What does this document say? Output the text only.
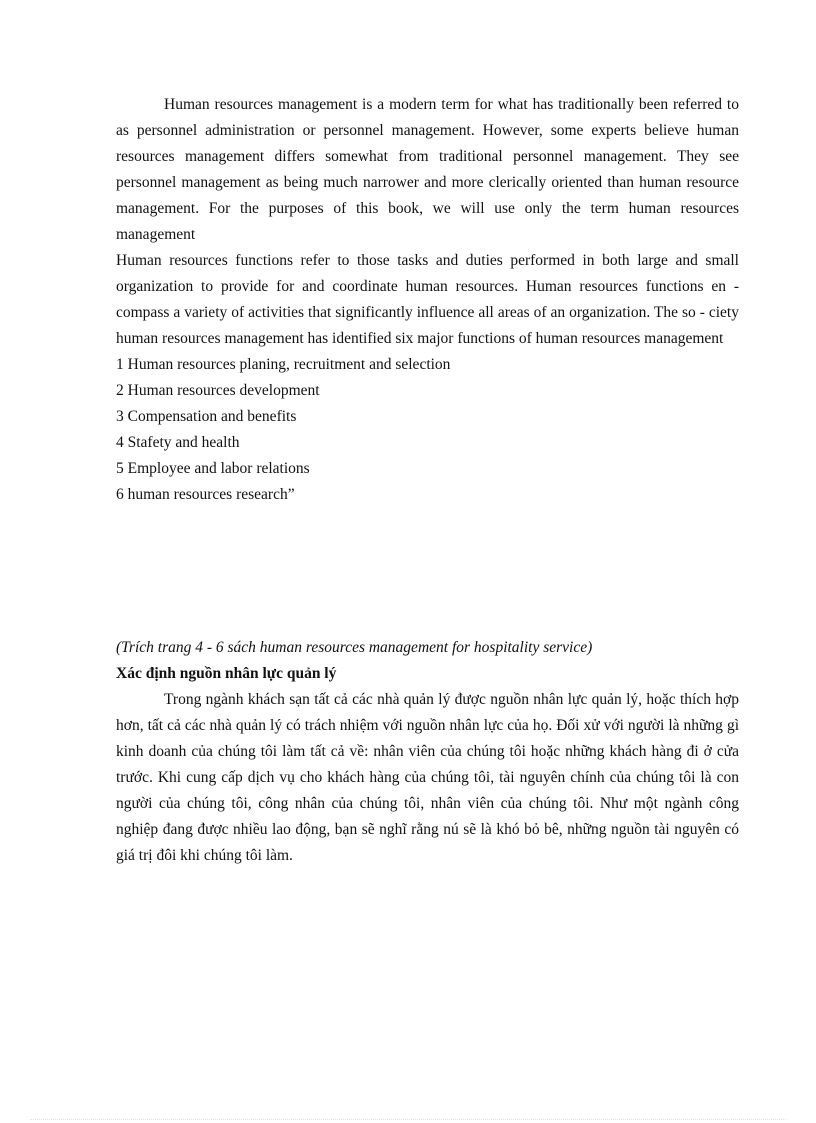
Human resources management is a modern term for what has traditionally been referred to as personnel administration or personnel management. However, some experts believe human resources management differs somewhat from traditional personnel management. They see personnel management as being much narrower and more clerically oriented than human resource management. For the purposes of this book, we will use only the term human resources management

Human resources functions refer to those tasks and duties performed in both large and small organization to provide for and coordinate human resources. Human resources functions en - compass a variety of activities that significantly influence all areas of an organization. The so - ciety human resources management has identified six major functions of human resources management

1 Human resources planing, recruitment and selection
2 Human resources development
3 Compensation and benefits
4 Stafety and health
5 Employee and labor relations
6 human resources research”

(Trích trang 4 - 6 sách human resources management for hospitality service)

Xác định nguồn nhân lực quản lý

Trong ngành khách sạn tất cả các nhà quản lý được nguồn nhân lực quản lý, hoặc thích hợp hơn, tất cả các nhà quản lý có trách nhiệm với nguồn nhân lực của họ. Đối xử với người là những gì kinh doanh của chúng tôi làm tất cả về: nhân viên của chúng tôi hoặc những khách hàng đi ở cửa trước. Khi cung cấp dịch vụ cho khách hàng của chúng tôi, tài nguyên chính của chúng tôi là con người của chúng tôi, công nhân của chúng tôi, nhân viên của chúng tôi. Như một ngành công nghiệp đang được nhiều lao động, bạn sẽ nghĩ rằng nú sẽ là khó bỏ bê, những nguồn tài nguyên có giá trị đôi khi chúng tôi làm.
